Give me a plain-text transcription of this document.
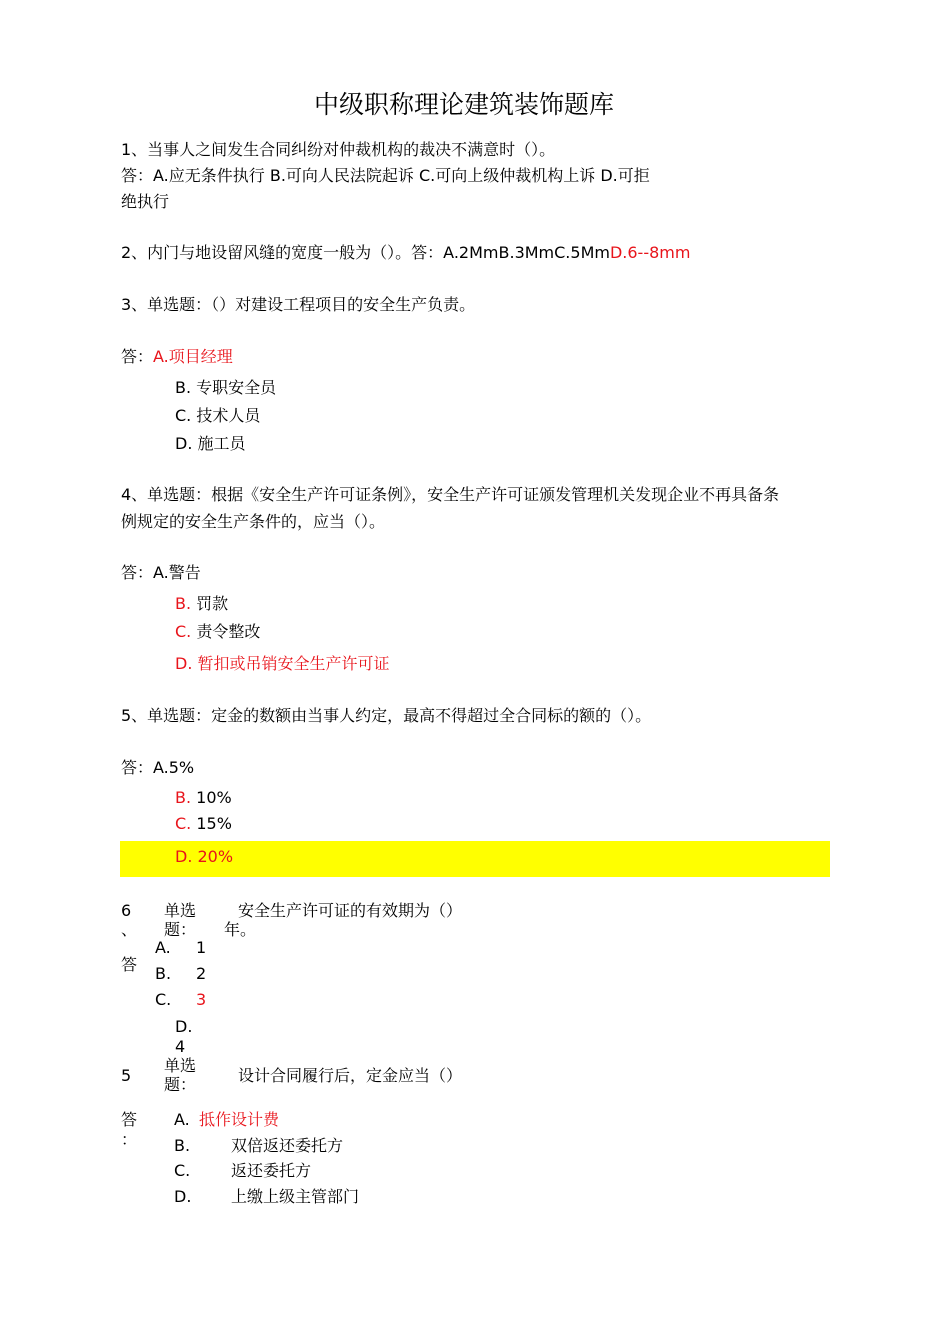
中级职称理论建筑装饰题库
1、当事人之间发生合同纠纷对仲裁机构的裁决不满意时（）。
答：A.应无条件执行 B.可向人民法院起诉 C.可向上级仲裁机构上诉 D.可拒
绝执行
2、内门与地设留风缝的宽度一般为（）。答：A.2MmB.3MmC.5MmD.6--8mm
3、单选题：（）对建设工程项目的安全生产负责。
答：A.项目经理
B. 专职安全员
C. 技术人员
D. 施工员
4、单选题：根据《安全生产许可证条例》，安全生产许可证颁发管理机关发现企业不再具备条
例规定的安全生产条件的，应当（）。
答：A.警告
B. 罚款
C. 责令整改
D. 暂扣或吊销安全生产许可证
5、单选题：定金的数额由当事人约定，最高不得超过全合同标的额的（）。
答：A.5%
B. 10%
C. 15%
D. 20%
6
、
单选
题：
安全生产许可证的有效期为（）
年。
答
A. 1
B. 2
C. 3
D.
4
5
单选
题：	设计合同履行后，定金应当（）
答
：
A. 抵作设计费
B.	双倍返还委托方
C.	返还委托方
D. 上缴上级主管部门
